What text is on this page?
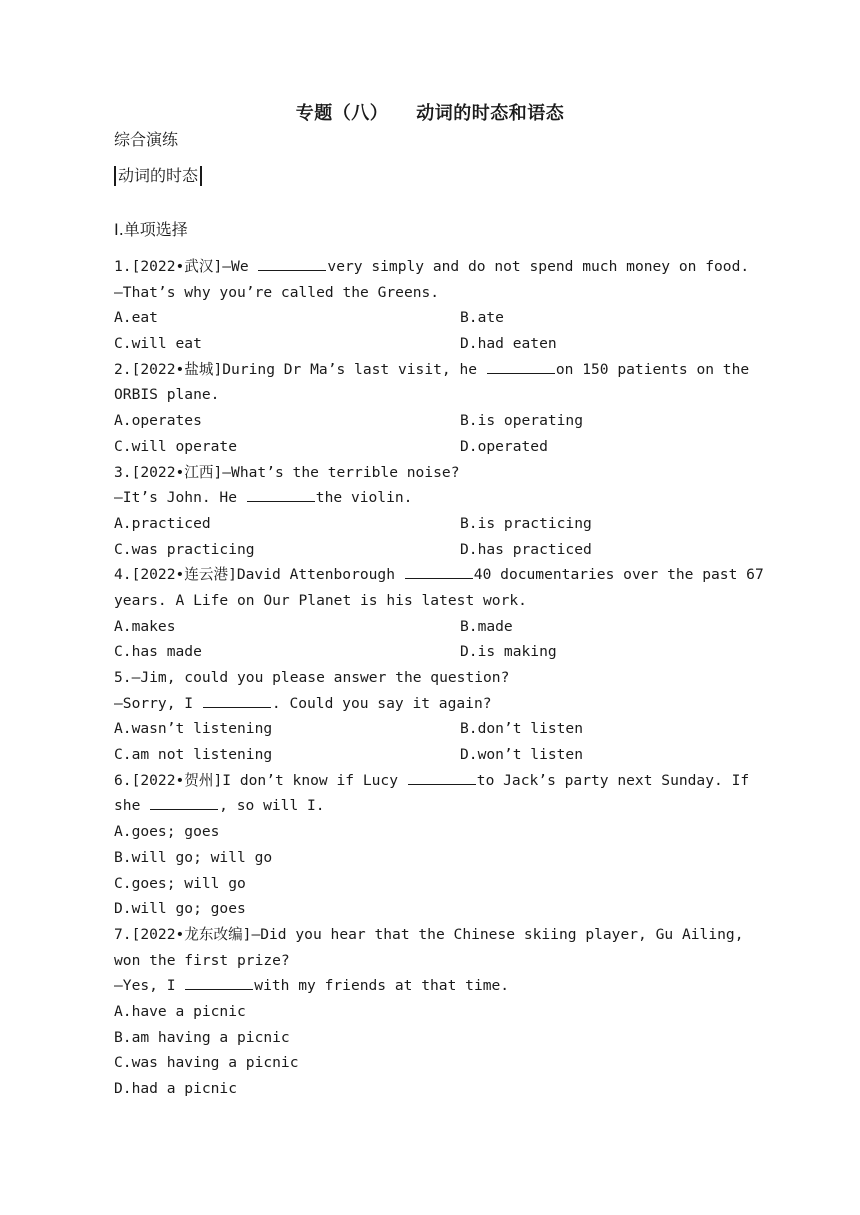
专题（八） 动词的时态和语态
综合演练
动词的时态
Ⅰ.单项选择
1.[2022•武汉]—We	very simply and do not spend much money on food.
—That’s why you’re called the Greens.
A.eat	B.ate
C.will eat	D.had eaten
2.[2022•盐城]During Dr Ma’s last visit, he	on 150 patients on the
ORBIS plane.
A.operates	B.is operating
C.will operate	D.operated
3.[2022•江西]—What’s the terrible noise?
—It’s John. He	the violin.
A.practiced	B.is practicing
C.was practicing	D.has practiced
4.[2022•连云港]David Attenborough	40 documentaries over the past 67
years. A Life on Our Planet is his latest work.
A.makes	B.made
C.has made	D.is making
5.—Jim, could you please answer the question?
—Sorry, I	. Could you say it again?
A.wasn’t listening	B.don’t listen
C.am not listening	D.won’t listen
6.[2022•贺州]I don’t know if Lucy	to Jack’s party next Sunday. If
she	, so will I.
A.goes; goes
B.will go; will go
C.goes; will go
D.will go; goes
7.[2022•龙东改编]—Did you hear that the Chinese skiing player, Gu Ailing,
won the first prize?
—Yes, I	with my friends at that time.
A.have a picnic
B.am having a picnic
C.was having a picnic
D.had a picnic
